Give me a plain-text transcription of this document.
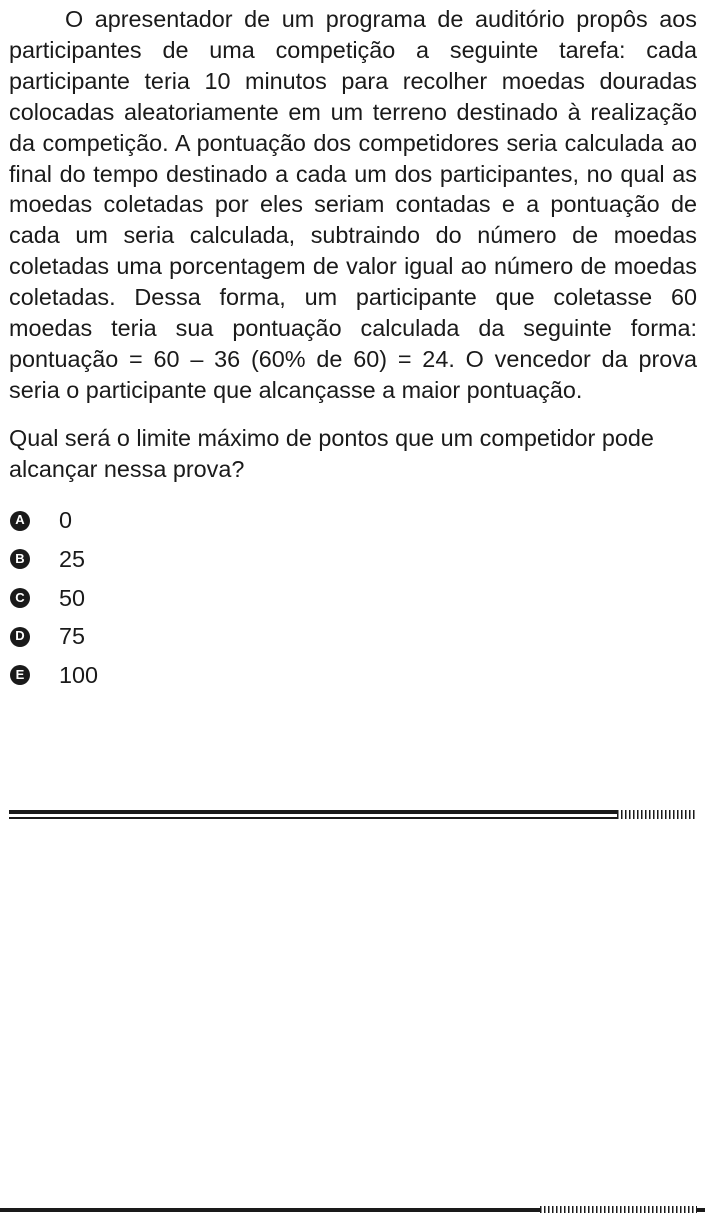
O apresentador de um programa de auditório propôs aos participantes de uma competição a seguinte tarefa: cada participante teria 10 minutos para recolher moedas douradas colocadas aleatoriamente em um terreno destinado à realização da competição. A pontuação dos competidores seria calculada ao final do tempo destinado a cada um dos participantes, no qual as moedas coletadas por eles seriam contadas e a pontuação de cada um seria calculada, subtraindo do número de moedas coletadas uma porcentagem de valor igual ao número de moedas coletadas. Dessa forma, um participante que coletasse 60 moedas teria sua pontuação calculada da seguinte forma: pontuação = 60 – 36 (60% de 60) = 24. O vencedor da prova seria o participante que alcançasse a maior pontuação.

Qual será o limite máximo de pontos que um competidor pode alcançar nessa prova?

A 0
B 25
C 50
D 75
E 100
